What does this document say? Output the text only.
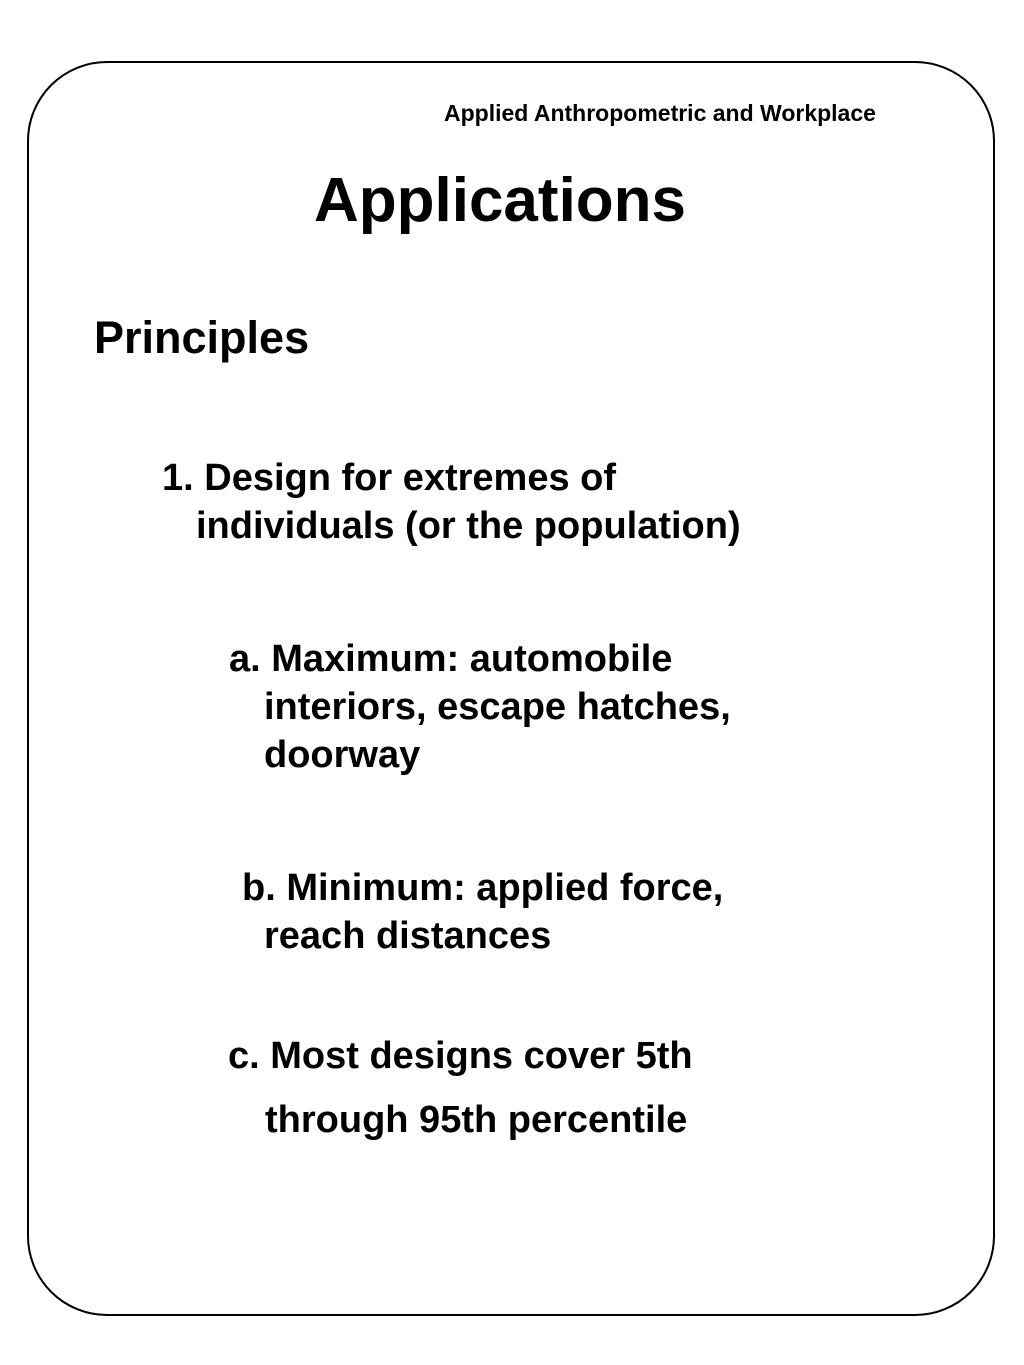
Applied Anthropometric and Workplace
Applications
Principles
1. Design for extremes of
individuals (or the population)
a. Maximum: automobile
interiors, escape hatches,
doorway
b. Minimum: applied force,
reach distances
c. Most designs cover 5th
through 95th percentile
